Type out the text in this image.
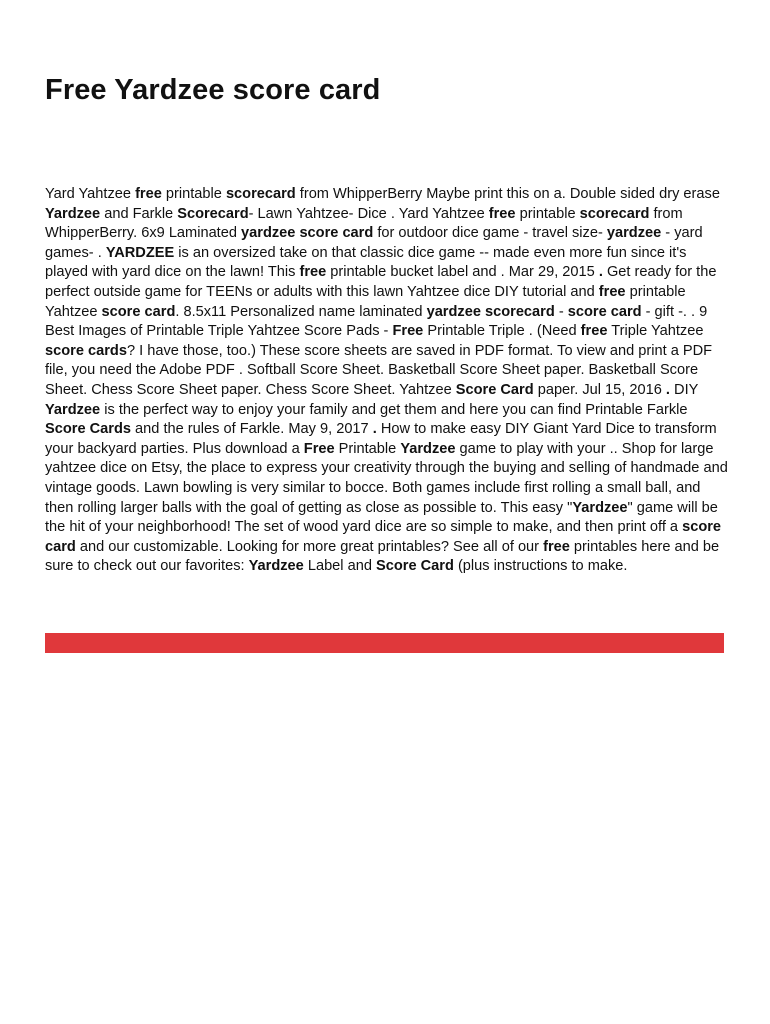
Free Yardzee score card

Yard Yahtzee free printable scorecard from WhipperBerry Maybe print this on a. Double sided dry erase Yardzee and Farkle Scorecard- Lawn Yahtzee- Dice . Yard Yahtzee free printable scorecard from WhipperBerry. 6x9 Laminated yardzee score card for outdoor dice game - travel size- yardzee - yard games- . YARDZEE is an oversized take on that classic dice game -- made even more fun since it's played with yard dice on the lawn! This free printable bucket label and . Mar 29, 2015 . Get ready for the perfect outside game for TEENs or adults with this lawn Yahtzee dice DIY tutorial and free printable Yahtzee score card. 8.5x11 Personalized name laminated yardzee scorecard - score card - gift -. . 9 Best Images of Printable Triple Yahtzee Score Pads - Free Printable Triple . (Need free Triple Yahtzee score cards? I have those, too.) These score sheets are saved in PDF format. To view and print a PDF file, you need the Adobe PDF . Softball Score Sheet. Basketball Score Sheet paper. Basketball Score Sheet. Chess Score Sheet paper. Chess Score Sheet. Yahtzee Score Card paper. Jul 15, 2016 . DIY Yardzee is the perfect way to enjoy your family and get them and here you can find Printable Farkle Score Cards and the rules of Farkle. May 9, 2017 . How to make easy DIY Giant Yard Dice to transform your backyard parties. Plus download a Free Printable Yardzee game to play with your .. Shop for large yahtzee dice on Etsy, the place to express your creativity through the buying and selling of handmade and vintage goods. Lawn bowling is very similar to bocce. Both games include first rolling a small ball, and then rolling larger balls with the goal of getting as close as possible to. This easy "Yardzee" game will be the hit of your neighborhood! The set of wood yard dice are so simple to make, and then print off a score card and our customizable. Looking for more great printables? See all of our free printables here and be sure to check out our favorites: Yardzee Label and Score Card (plus instructions to make.
